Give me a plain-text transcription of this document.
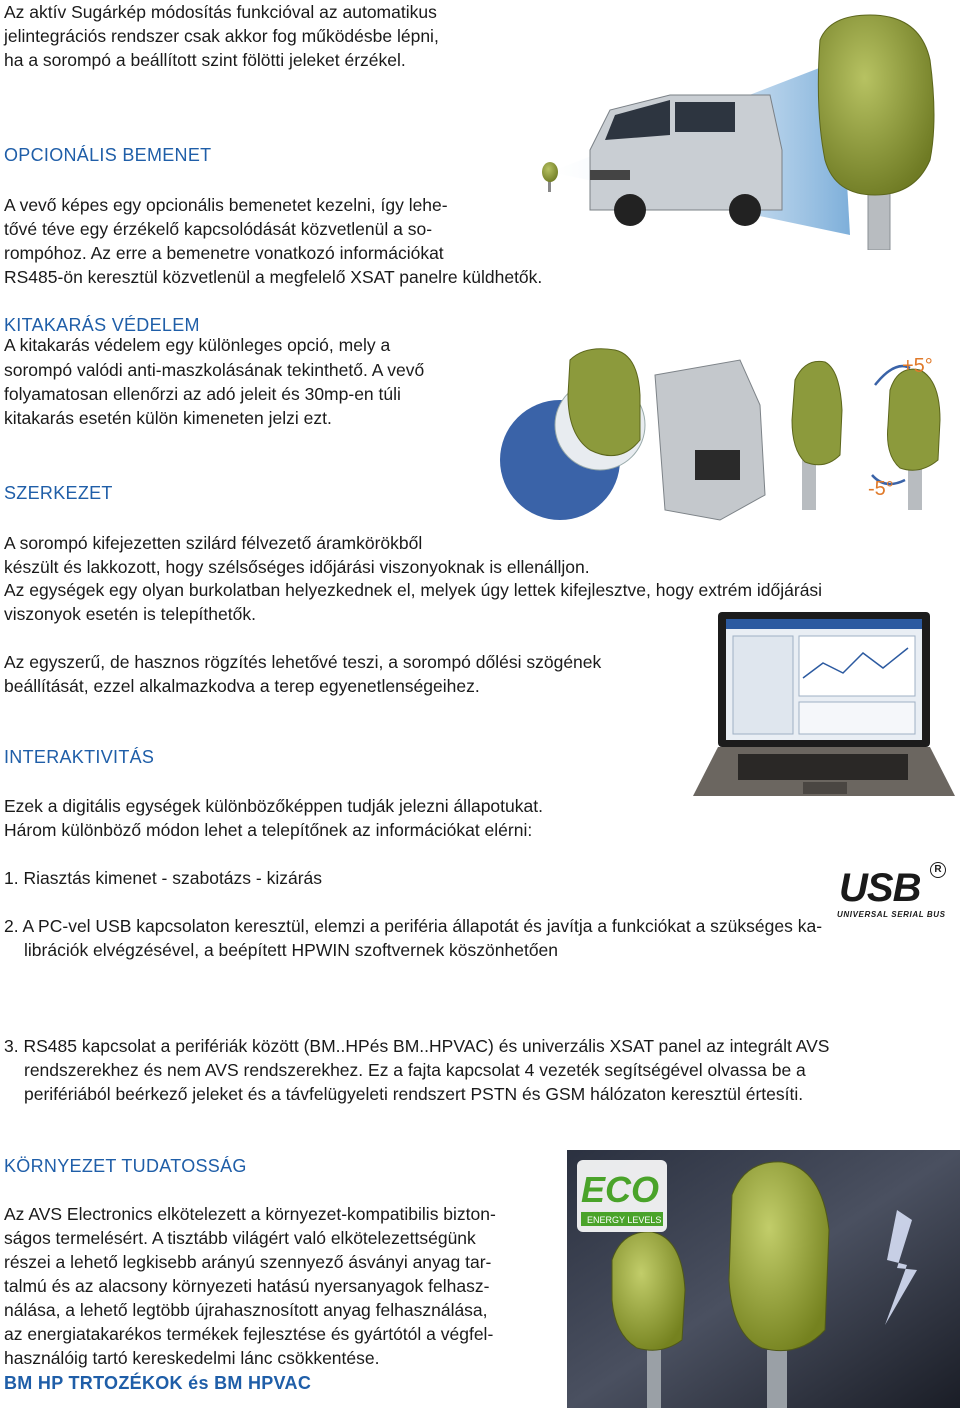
Az aktív Sugárkép módosítás funkcióval az automatikus

jelintegrációs rendszer csak akkor fog működésbe lépni,

ha a sorompó a beállított szint fölötti jeleket érzékel.

OPCIONÁLIS BEMENET

A vevő képes egy opcionális bemenetet kezelni, így lehe-

tővé téve egy érzékelő kapcsolódását közvetlenül a so-

rompóhoz. Az erre a bemenetre vonatkozó információkat

RS485-ön keresztül közvetlenül a megfelelő XSAT panelre küldhetők.

KITAKARÁS VÉDELEM

A kitakarás védelem egy különleges opció, mely a

sorompó valódi anti-maszkolásának tekinthető. A vevő

folyamatosan ellenőrzi az adó jeleit és 30mp-en túli

kitakarás esetén külön kimeneten jelzi ezt.

+5°
-5°

SZERKEZET

A sorompó kifejezetten szilárd félvezető áramkörökből

készült és lakkozott, hogy szélsőséges időjárási viszonyoknak is ellenálljon.

Az egységek egy olyan burkolatban helyezkednek el, melyek úgy lettek kifejlesztve, hogy extrém időjárási

viszonyok esetén is telepíthetők.

Az egyszerű, de hasznos rögzítés lehetővé teszi, a sorompó dőlési szögének

beállítását, ezzel alkalmazkodva a terep egyenetlenségeihez.

INTERAKTIVITÁS

Ezek a digitális egységek különbözőképpen tudják jelezni állapotukat.

Három különböző módon lehet a telepítőnek az információkat elérni:

1. Riasztás kimenet - szabotázs - kizárás	USB	R
UNIVERSAL SERIAL BUS

2. A PC-vel USB kapcsolaton keresztül, elemzi a periféria állapotát és javítja a funkciókat a szükséges ka-

librációk elvégzésével, a beépített HPWIN szoftvernek köszönhetően

3. RS485 kapcsolat a perifériák között (BM..HPés BM..HPVAC) és univerzális XSAT panel az integrált AVS

rendszerekhez és nem AVS rendszerekhez. Ez a fajta kapcsolat 4 vezeték segítségével olvassa be a

perifériából beérkező jeleket és a távfelügyeleti rendszert PSTN és GSM hálózaton keresztül értesíti.

KÖRNYEZET TUDATOSSÁG

Az AVS Electronics elkötelezett a környezet-kompatibilis bizton-

ságos termelésért. A tisztább világért való elkötelezettségünk

részei a lehető legkisebb arányú szennyező ásványi anyag tar-

talmú és az alacsony környezeti hatású nyersanyagok felhasz-

nálása, a lehető legtöbb újrahasznosított anyag felhasználása,

az energiatakarékos termékek fejlesztése és gyártótól a végfel-

használóig tartó kereskedelmi lánc csökkentése.

BM HP TRTOZÉKOK és BM HPVAC

ECO
ENERGY LEVELS
